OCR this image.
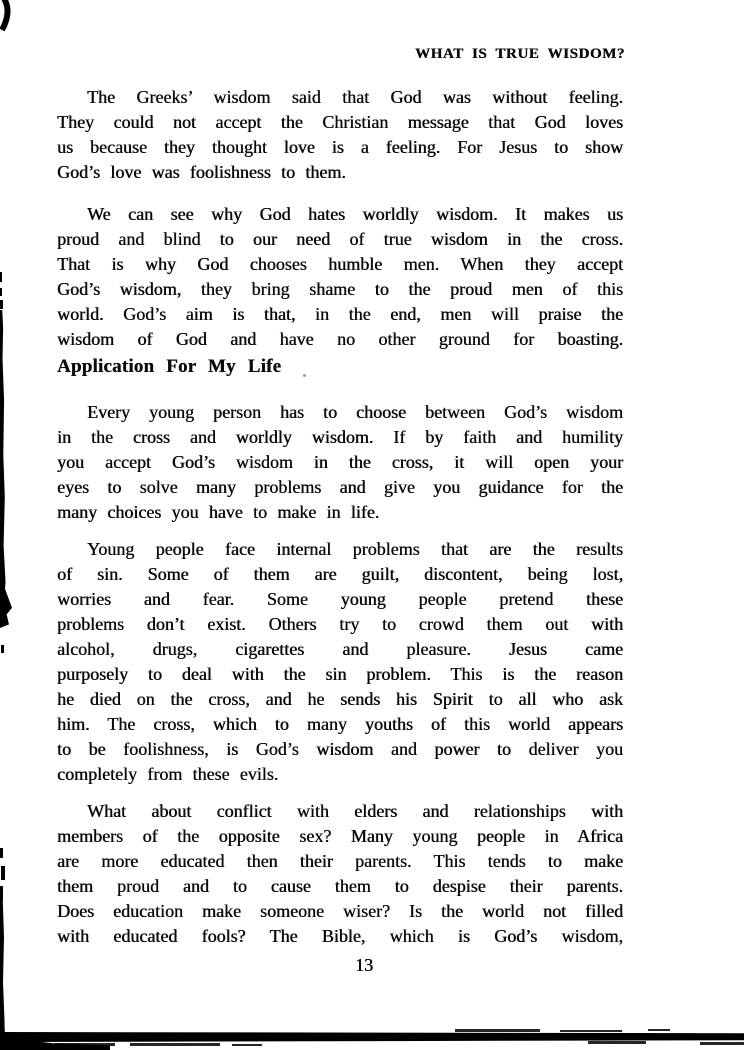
WHAT IS TRUE WISDOM?
The Greeks’ wisdom said that God was without feeling.
They could not accept the Christian message that God loves
us because they thought love is a feeling. For Jesus to show
God’s love was foolishness to them.
We can see why God hates worldly wisdom. It makes us
proud and blind to our need of true wisdom in the cross.
That is why God chooses humble men. When they accept
God’s wisdom, they bring shame to the proud men of this
world. God’s aim is that, in the end, men will praise the
wisdom of God and have no other ground for boasting.
Application For My Life
Every young person has to choose between God’s wisdom
in the cross and worldly wisdom. If by faith and humility
you accept God’s wisdom in the cross, it will open your
eyes to solve many problems and give you guidance for the
many choices you have to make in life.
Young people face internal problems that are the results
of sin. Some of them are guilt, discontent, being lost,
worries and fear. Some young people pretend these
problems don’t exist. Others try to crowd them out with
alcohol, drugs, cigarettes and pleasure. Jesus came
purposely to deal with the sin problem. This is the reason
he died on the cross, and he sends his Spirit to all who ask
him. The cross, which to many youths of this world appears
to be foolishness, is God’s wisdom and power to deliver you
completely from these evils.
What about conflict with elders and relationships with
members of the opposite sex? Many young people in Africa
are more educated then their parents. This tends to make
them proud and to cause them to despise their parents.
Does education make someone wiser? Is the world not filled
with educated fools? The Bible, which is God’s wisdom,
13
